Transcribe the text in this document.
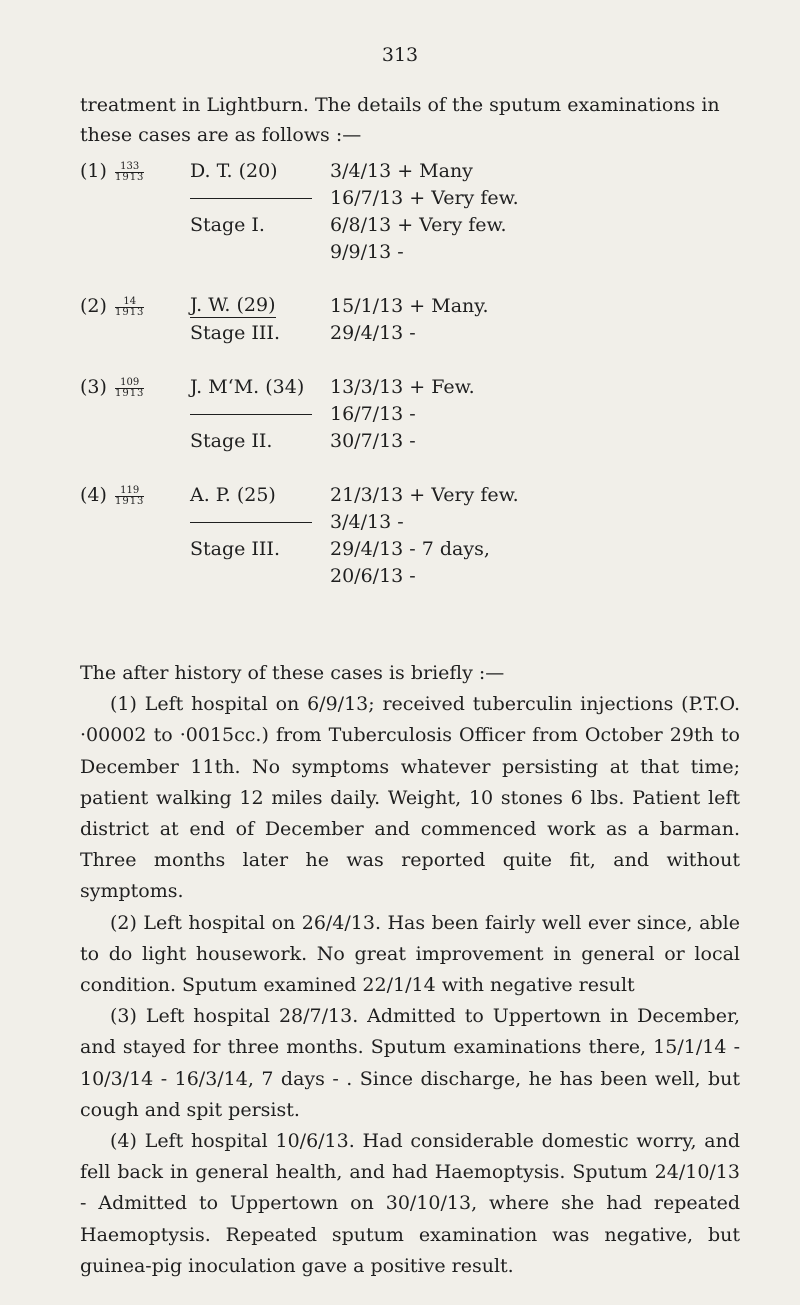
313
treatment in Lightburn. The details of the sputum examinations in these cases are as follows :—
$(1) \frac{133}{1913} D$. T. (20)	3/4/13 + Many
16/7/13 + Very few.
Stage I.	6/8/13 + Very few.
9/9/13 -
$(2) \frac{14}{1913} J$. W. (29)	15/1/13 + Many.
Stage III.	29/4/13 -
$(3) \frac{109}{1913} J$. M‘M. (34) 13/3/13 + Few.
16/7/13 -
Stage II.	30/7/13 -
$(4) \frac{119}{1913} A$. P. (25)	21/3/13 + Very few.
3/4/13 -
Stage III.	29/4/13 - 7 days,
20/6/13 -

The after history of these cases is briefly :—

(1) Left hospital on 6/9/13; received tuberculin injections (P.T.O. ·00002 to ·0015cc.) from Tuberculosis Officer from October 29th to December 11th. No symptoms whatever persisting at that time; patient walking 12 miles daily. Weight, 10 stones 6 lbs. Patient left district at end of December and commenced work as a barman. Three months later he was reported quite fit, and without symptoms.

(2) Left hospital on 26/4/13. Has been fairly well ever since, able to do light housework. No great improvement in general or local condition. Sputum examined 22/1/14 with negative result

(3) Left hospital 28/7/13. Admitted to Uppertown in December, and stayed for three months. Sputum examinations there, 15/1/14 - 10/3/14 - 16/3/14, 7 days - . Since discharge, he has been well, but cough and spit persist.

(4) Left hospital 10/6/13. Had considerable domestic worry, and fell back in general health, and had Haemoptysis. Sputum 24/10/13 - Admitted to Uppertown on 30/10/13, where she had repeated Haemoptysis. Repeated sputum examination was negative, but guinea-pig inoculation gave a positive result.
